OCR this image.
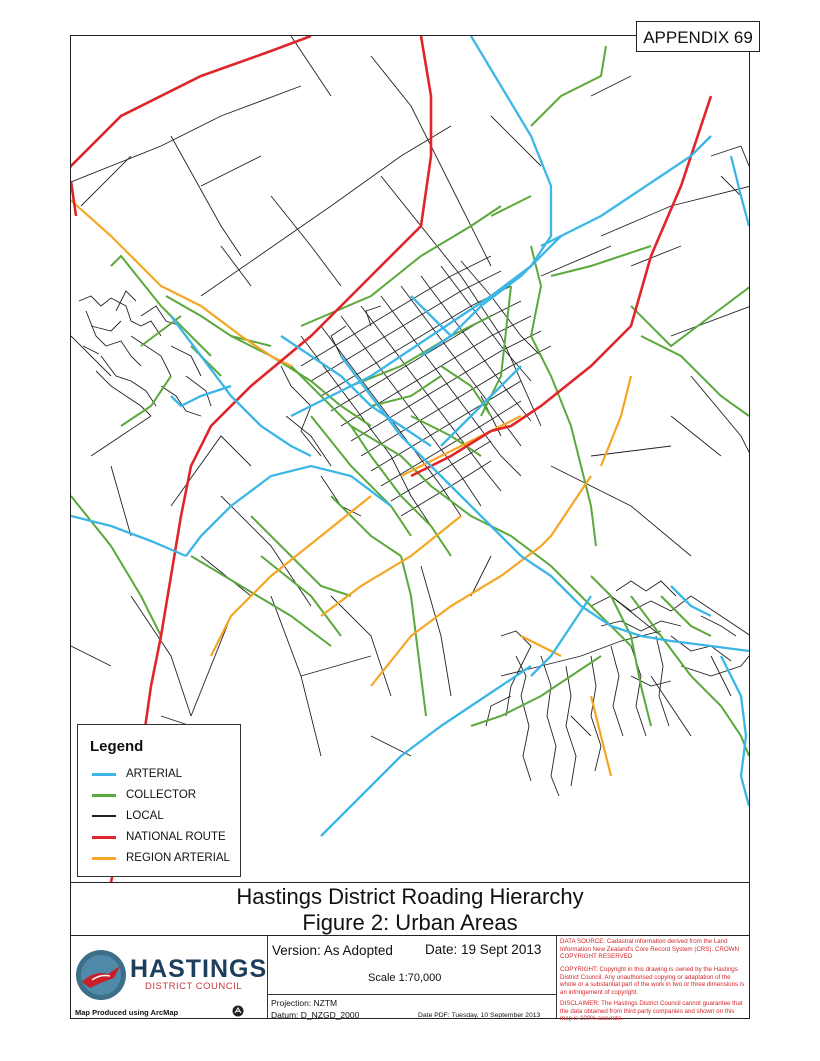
APPENDIX 69
Legend
ARTERIAL
COLLECTOR
LOCAL
NATIONAL ROUTE
REGION ARTERIAL
Hastings District Roading Hierarchy
Figure 2: Urban Areas
HASTINGS
DISTRICT COUNCIL
Map Produced using ArcMap
Version: As Adopted Date: 19 Sept 2013
Scale 1:70,000
Projection: NZTM
Datum: D_NZGD_2000	Date PDF: Tuesday, 10 September 2013
DATA SOURCE: Cadastral information derived from the Land Information New Zealand's Core Record System (CRS). CROWN COPYRIGHT RESERVED
COPYRIGHT: Copyright in this drawing is owned by the Hastings District Council. Any unauthorised copying or adaptation of the whole or a substantial part of the work in two or three dimensions is an infringement of copyright.
DISCLAIMER: The Hastings District Council cannot guarantee that the data obtained from third party companies and shown on this map is 100% accurate.
